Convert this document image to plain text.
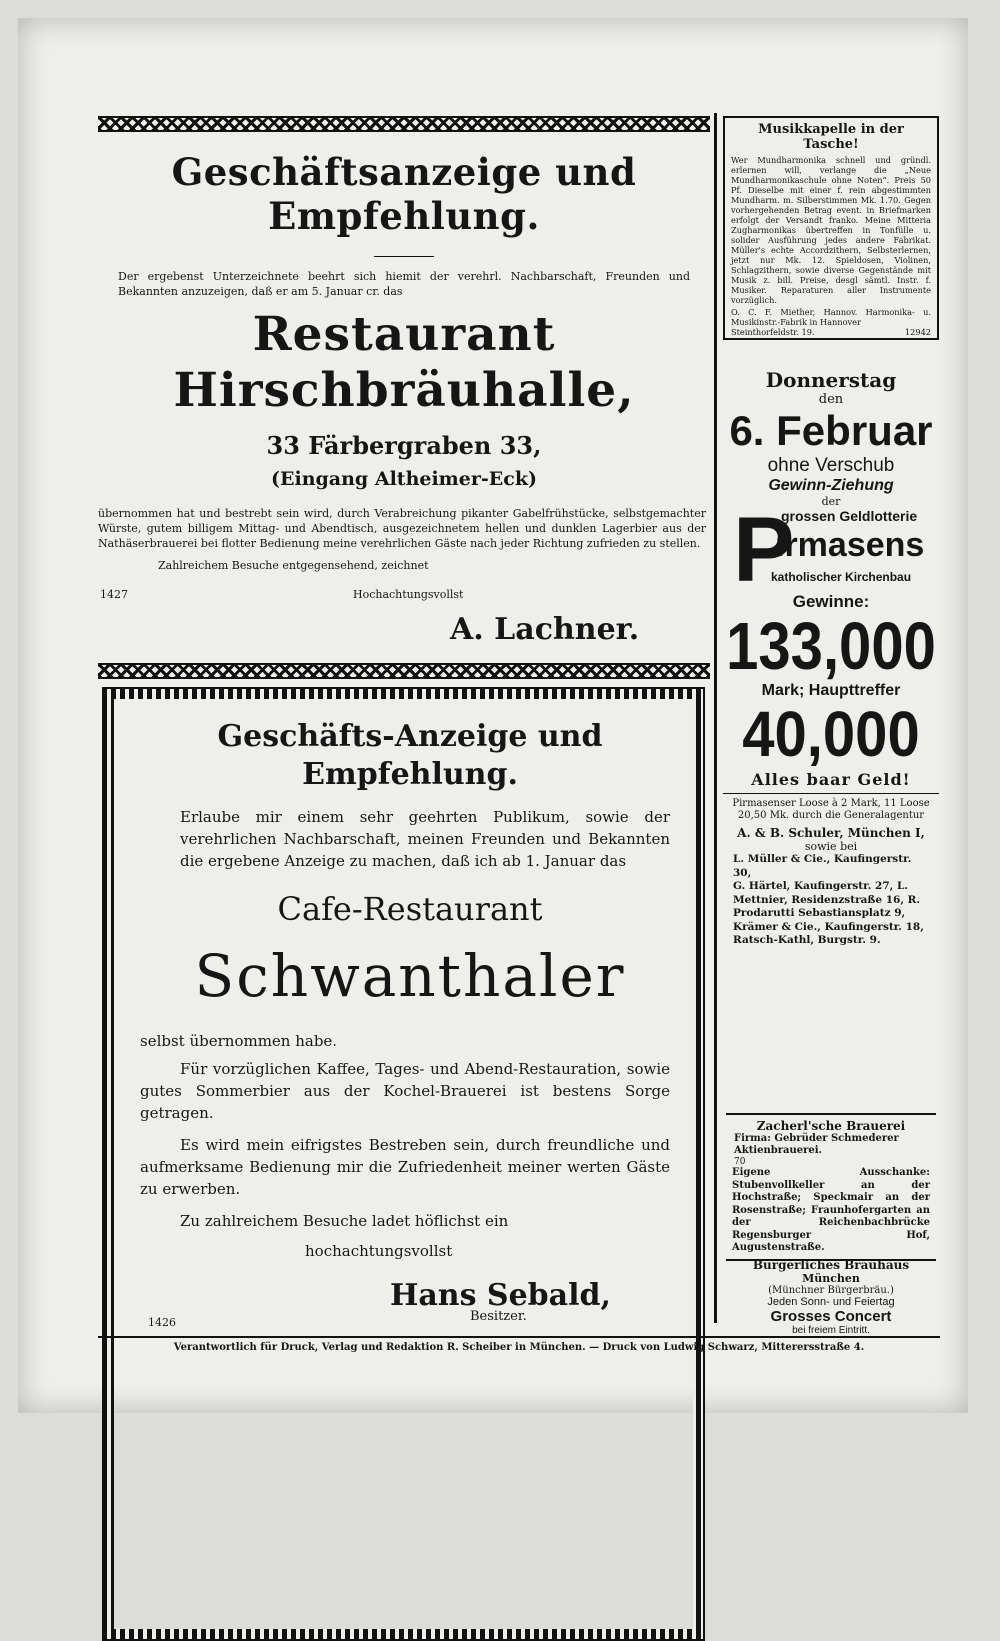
Geschäftsanzeige und Empfehlung.

Der ergebenst Unterzeichnete beehrt sich hiemit der verehrl. Nachbarschaft, Freunden und Bekannten anzuzeigen, daß er am 5. Januar cr. das

Restaurant Hirschbräuhalle,
33 Färbergraben 33,
(Eingang Altheimer-Eck)

übernommen hat und bestrebt sein wird, durch Verabreichung pikanter Gabelfrühstücke, selbstgemachter Würste, gutem billigem Mittag- und Abendtisch, ausgezeichnetem hellen und dunklen Lagerbier aus der Nathäserbrauerei bei flotter Bedienung meine verehrlichen Gäste nach jeder Richtung zufrieden zu stellen.

Zahlreichem Besuche entgegensehend, zeichnet

1427	Hochachtungsvollst
A. Lachner.
Geschäfts-Anzeige und Empfehlung.

Erlaube mir einem sehr geehrten Publikum, sowie der verehrlichen Nachbarschaft, meinen Freunden und Bekannten die ergebene Anzeige zu machen, daß ich ab 1. Januar das

Cafe-Restaurant
Schwanthaler

selbst übernommen habe.

Für vorzüglichen Kaffee, Tages- und Abend-Restauration, sowie gutes Sommerbier aus der Kochel-Brauerei ist bestens Sorge getragen.

Es wird mein eifrigstes Bestreben sein, durch freundliche und aufmerksame Bedienung mir die Zufriedenheit meiner werten Gäste zu erwerben.

Zu zahlreichem Besuche ladet höflichst ein

hochachtungsvollst

Hans Sebald,
1426	Besitzer.
Musikkapelle in der Tasche!

Wer Mundharmonika schnell und gründl. erlernen will, verlange die „Neue Mundharmonikaschule ohne Noten“. Preis 50 Pf. Dieselbe mit einer f. rein abgestimmten Mundharm. m. Silberstimmen Mk. 1.70. Gegen vorhergehenden Betrag event. in Briefmarken erfolgt der Versandt franko. Meine Mitteria Zugharmonikas übertreffen in Tonfülle u. solider Ausführung jedes andere Fabrikat. Müller's echte Accordzithern, Selbsterlernen, jetzt nur Mk. 12. Spieldosen, Violinen, Schlagzithern, sowie diverse Gegenstände mit Musik z. bill. Preise, desgl sämtl. Instr. f. Musiker. Reparaturen aller Instrumente vorzüglich.

O. C. F. Miether, Hannov. Harmonika- u. Musikinstr.-Fabrik in Hannover

Steinthorfeldstr. 19.	12942
Donnerstag
den
6. Februar
ohne Verschub
Gewinn-Ziehung
der
P
grossen Geldlotterie
irmasens
katholischer Kirchenbau
Gewinne:
133,000
Mark; Haupttreffer
40,000
Alles baar Geld!

Pirmasenser Loose à 2 Mark, 11 Loose 20,50 Mk. durch die Generalagentur

A. & B. Schuler, München I,
sowie bei
L. Müller & Cie., Kaufingerstr. 30,
G. Härtel, Kaufingerstr. 27, L.
Mettnier, Residenzstraße 16, R.
Prodarutti Sebastiansplatz 9,
Krämer & Cie., Kaufingerstr. 18,
Ratsch-Kathl, Burgstr. 9.
Zacherl'sche Brauerei
Firma: Gebrüder Schmederer Aktienbrauerei.
70

Eigene Ausschanke: Stubenvollkeller an der Hochstraße; Speckmair an der Rosenstraße; Fraunhofergarten an der Reichenbachbrücke Regensburger Hof, Augustenstraße.

Bürgerliches Brauhaus
München
(Münchner Bürgerbräu.)
Jeden Sonn- und Feiertag
Grosses Concert
bei freiem Eintritt.
Verantwortlich für Druck, Verlag und Redaktion R. Scheiber in München. — Druck von Ludwig Schwarz, Mitterersstraße 4.
